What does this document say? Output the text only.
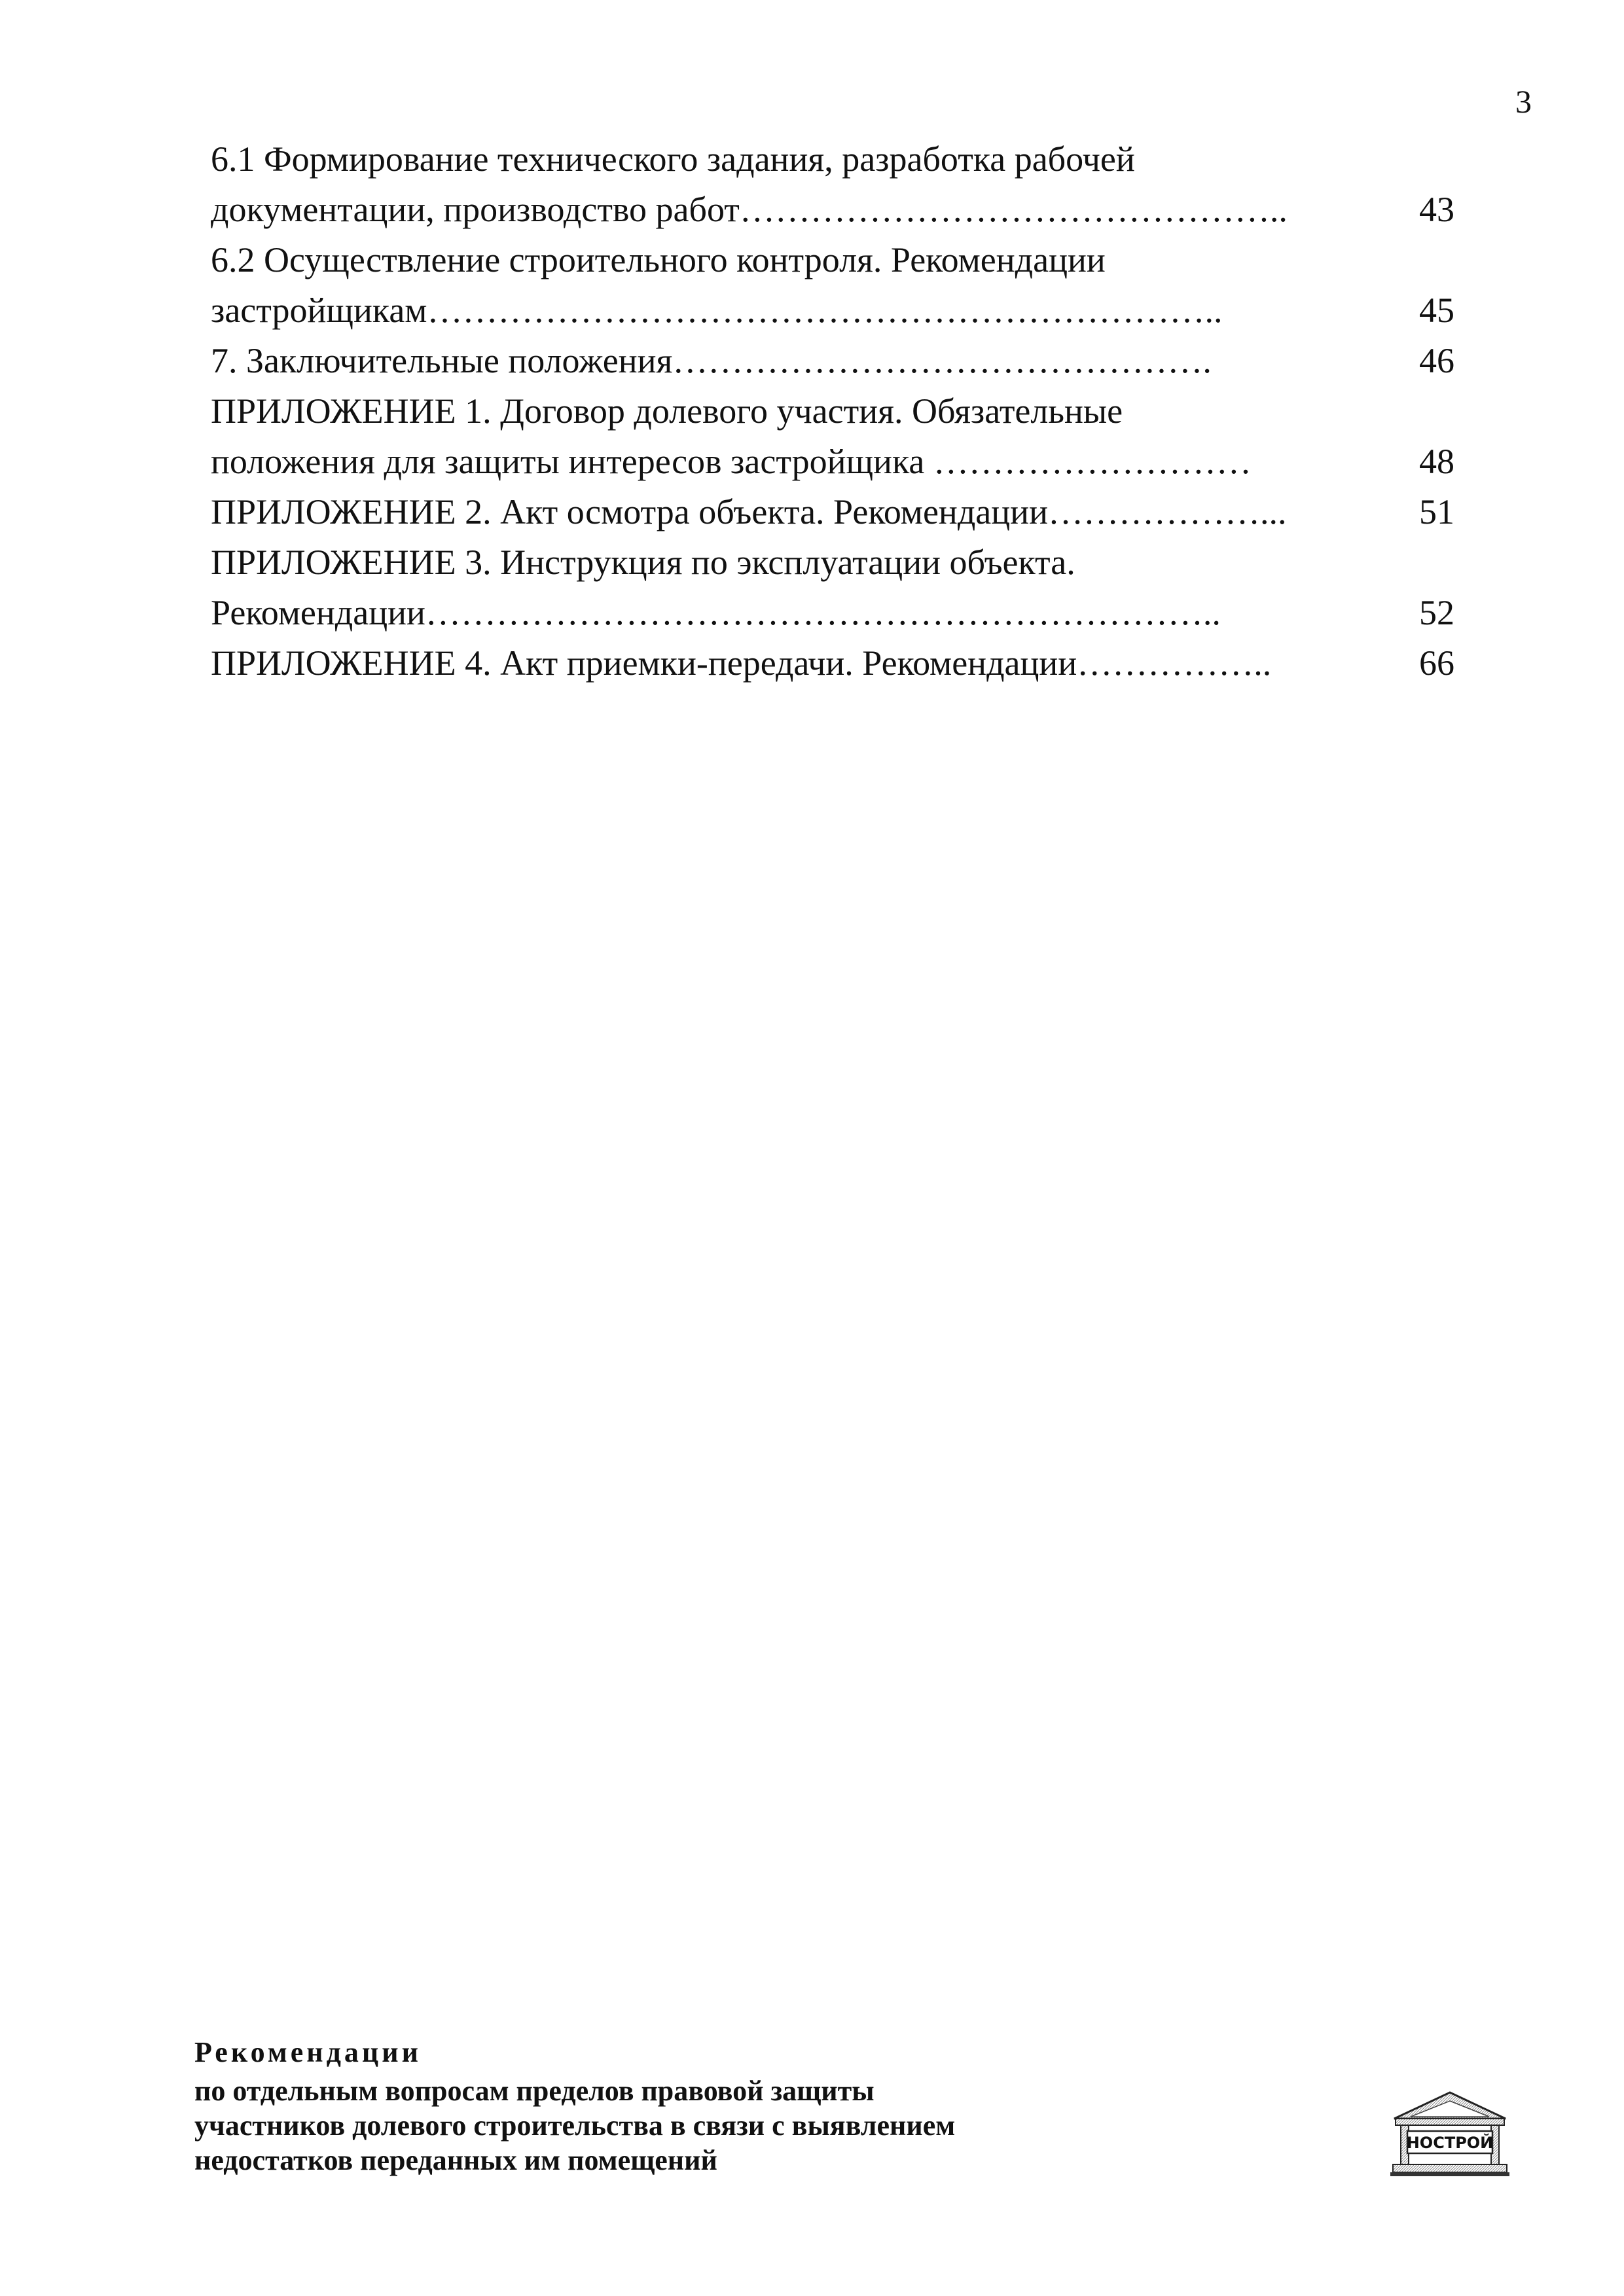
3
6.1 Формирование технического задания, разработка рабочей
документации, производство работ………………………………………..	43
6.2 Осуществление строительного контроля. Рекомендации
застройщикам…………………………………………………………..	45
7. Заключительные положения……………………………………….	46
ПРИЛОЖЕНИЕ 1. Договор долевого участия. Обязательные
положения для защиты интересов застройщика ………………………	48
ПРИЛОЖЕНИЕ 2. Акт осмотра объекта. Рекомендации………………...	51
ПРИЛОЖЕНИЕ 3. Инструкция по эксплуатации объекта.
Рекомендации…………………………………………………………..	52
ПРИЛОЖЕНИЕ 4. Акт приемки-передачи. Рекомендации……………..	66
Рекомендации
по отдельным вопросам пределов правовой защиты
участников долевого строительства в связи с выявлением
недостатков переданных им помещений
НОСТРОЙ
